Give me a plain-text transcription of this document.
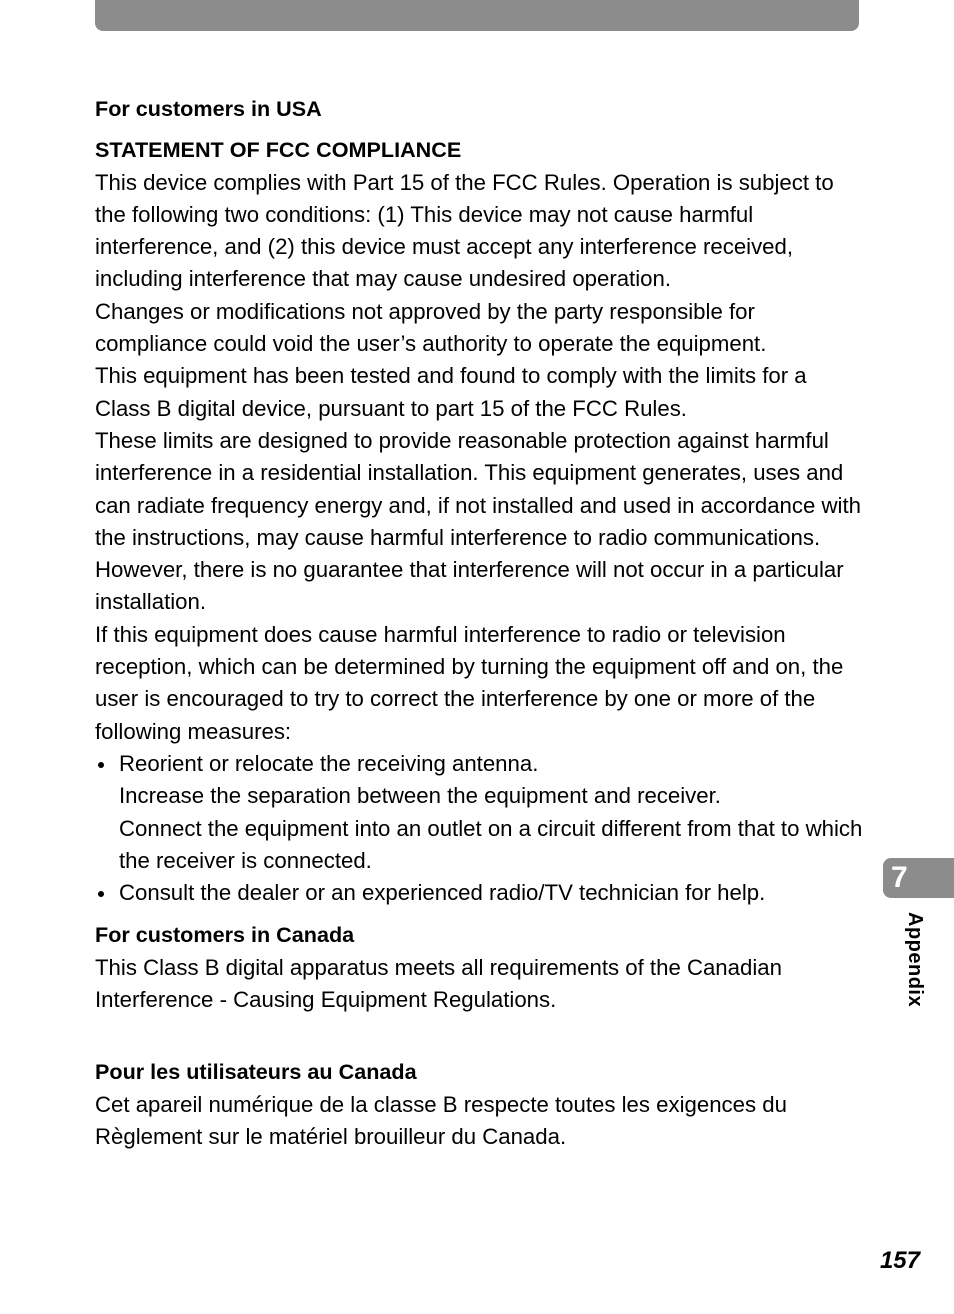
For customers in USA

STATEMENT OF FCC COMPLIANCE

This device complies with Part 15 of the FCC Rules. Operation is subject to the following two conditions: (1) This device may not cause harmful interference, and (2) this device must accept any interference received, including interference that may cause undesired operation.

Changes or modifications not approved by the party responsible for compliance could void the user’s authority to operate the equipment.

This equipment has been tested and found to comply with the limits for a Class B digital device, pursuant to part 15 of the FCC Rules.

These limits are designed to provide reasonable protection against harmful interference in a residential installation. This equipment generates, uses and can radiate frequency energy and, if not installed and used in accordance with the instructions, may cause harmful interference to radio communications. However, there is no guarantee that interference will not occur in a particular installation.

If this equipment does cause harmful interference to radio or television reception, which can be determined by turning the equipment off and on, the user is encouraged to try to correct the interference by one or more of the following measures:

Reorient or relocate the receiving antenna.
Increase the separation between the equipment and receiver.
Connect the equipment into an outlet on a circuit different from that to which the receiver is connected.
Consult the dealer or an experienced radio/TV technician for help.

For customers in Canada

This Class B digital apparatus meets all requirements of the Canadian Interference - Causing Equipment Regulations.

Pour les utilisateurs au Canada

Cet apareil numérique de la classe B respecte toutes les exigences du Règlement sur le matériel brouilleur du Canada.

7
Appendix
157
